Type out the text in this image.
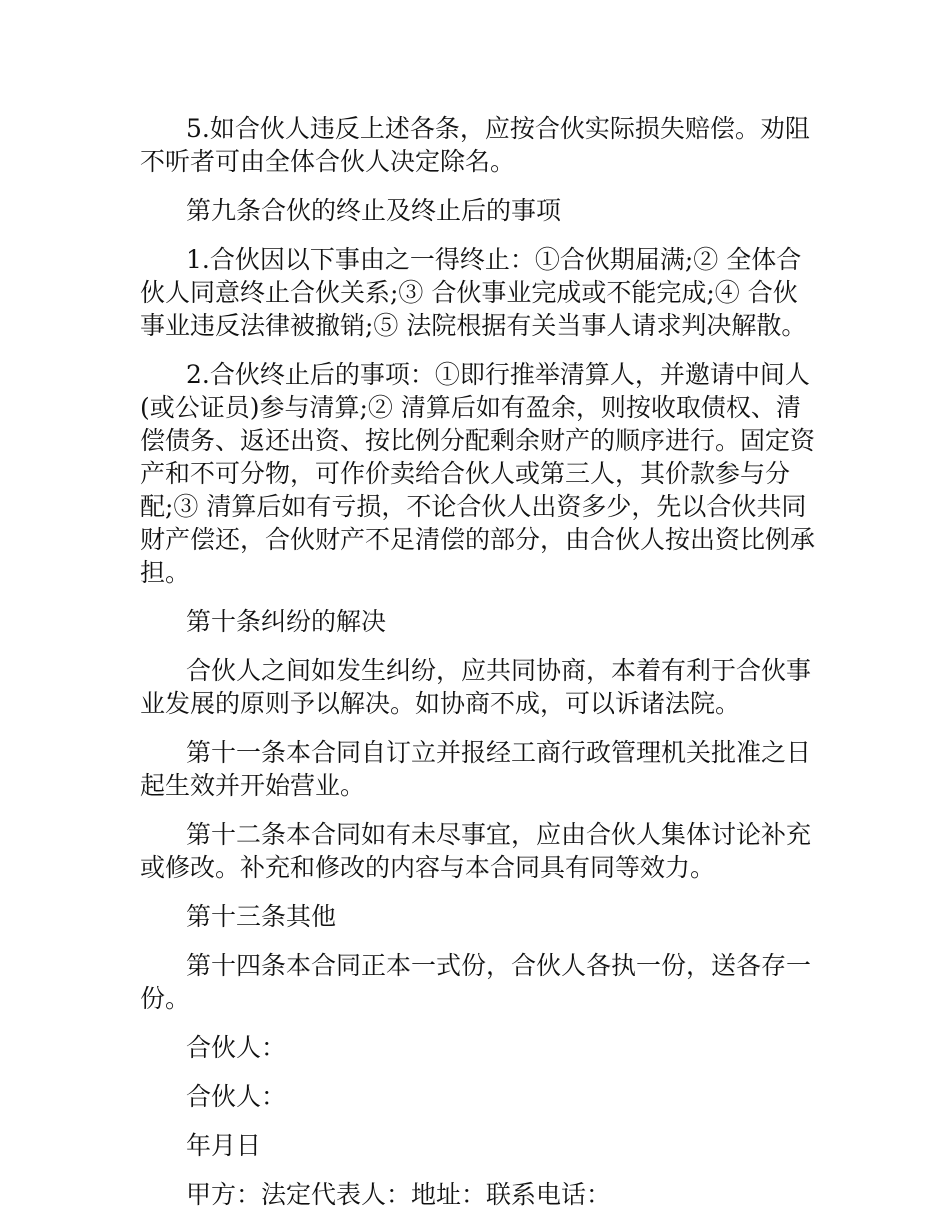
5.如合伙人违反上述各条，应按合伙实际损失赔偿。劝阻不听者可由全体合伙人决定除名。

第九条合伙的终止及终止后的事项

1.合伙因以下事由之一得终止：①合伙期届满;② 全体合伙人同意终止合伙关系;③ 合伙事业完成或不能完成;④ 合伙事业违反法律被撤销;⑤ 法院根据有关当事人请求判决解散。

2.合伙终止后的事项：①即行推举清算人，并邀请中间人(或公证员)参与清算;② 清算后如有盈余，则按收取债权、清偿债务、返还出资、按比例分配剩余财产的顺序进行。固定资产和不可分物，可作价卖给合伙人或第三人，其价款参与分配;③ 清算后如有亏损，不论合伙人出资多少，先以合伙共同财产偿还，合伙财产不足清偿的部分，由合伙人按出资比例承担。

第十条纠纷的解决

合伙人之间如发生纠纷，应共同协商，本着有利于合伙事业发展的原则予以解决。如协商不成，可以诉诸法院。

第十一条本合同自订立并报经工商行政管理机关批准之日起生效并开始营业。

第十二条本合同如有未尽事宜，应由合伙人集体讨论补充或修改。补充和修改的内容与本合同具有同等效力。

第十三条其他

第十四条本合同正本一式份，合伙人各执一份，送各存一份。

合伙人：

合伙人：

年月日

甲方：法定代表人：地址：联系电话：
